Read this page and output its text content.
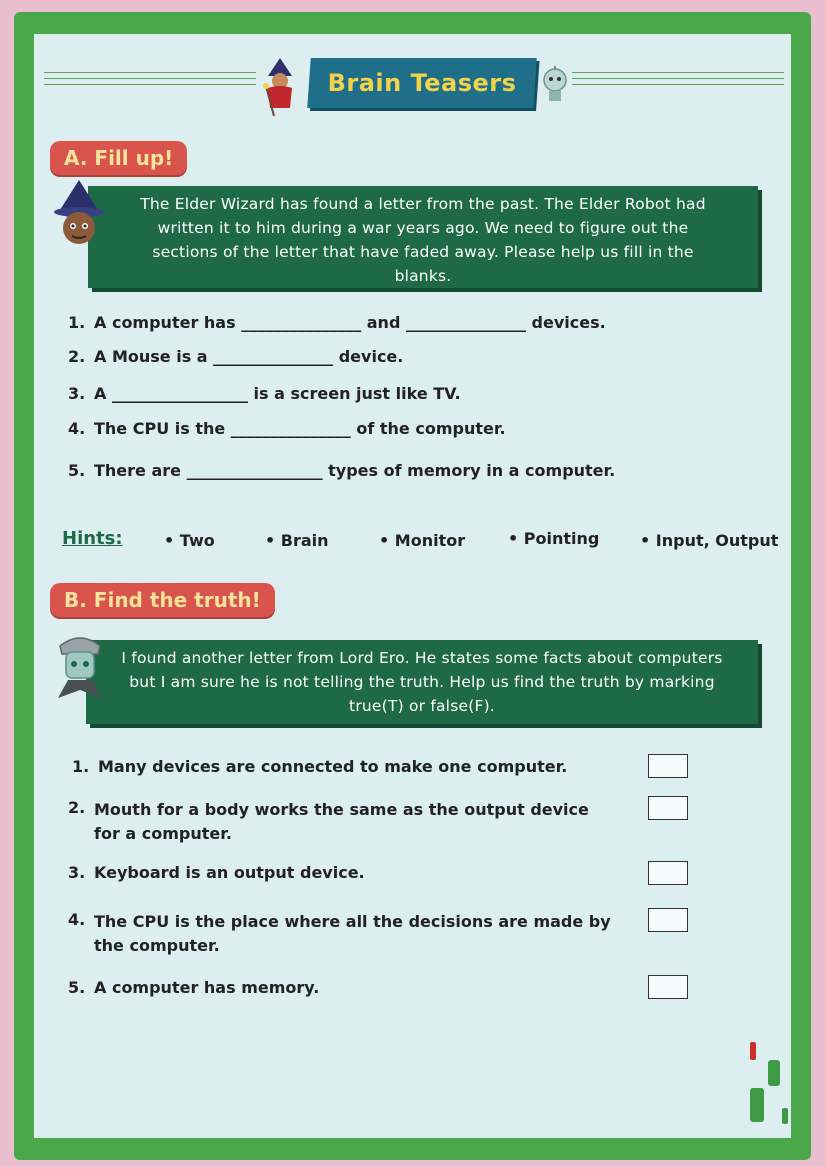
Brain Teasers
A. Fill up!
The Elder Wizard has found a letter from the past. The Elder Robot had written it to him during a war years ago. We need to figure out the sections of the letter that have faded away. Please help us fill in the blanks.
1. A computer has _______________ and _______________ devices.
2. A Mouse is a _______________ device.
3. A _________________ is a screen just like TV.
4. The CPU is the _______________ of the computer.
5. There are _________________ types of memory in a computer.
Hints:	• Two	• Brain	• Monitor	• Pointing	• Input, Output
B. Find the truth!
I found another letter from Lord Ero. He states some facts about computers but I am sure he is not telling the truth. Help us find the truth by marking true(T) or false(F).
1. Many devices are connected to make one computer.
2. Mouth for a body works the same as the output device for a computer.
3. Keyboard is an output device.
4. The CPU is the place where all the decisions are made by the computer.
5. A computer has memory.
